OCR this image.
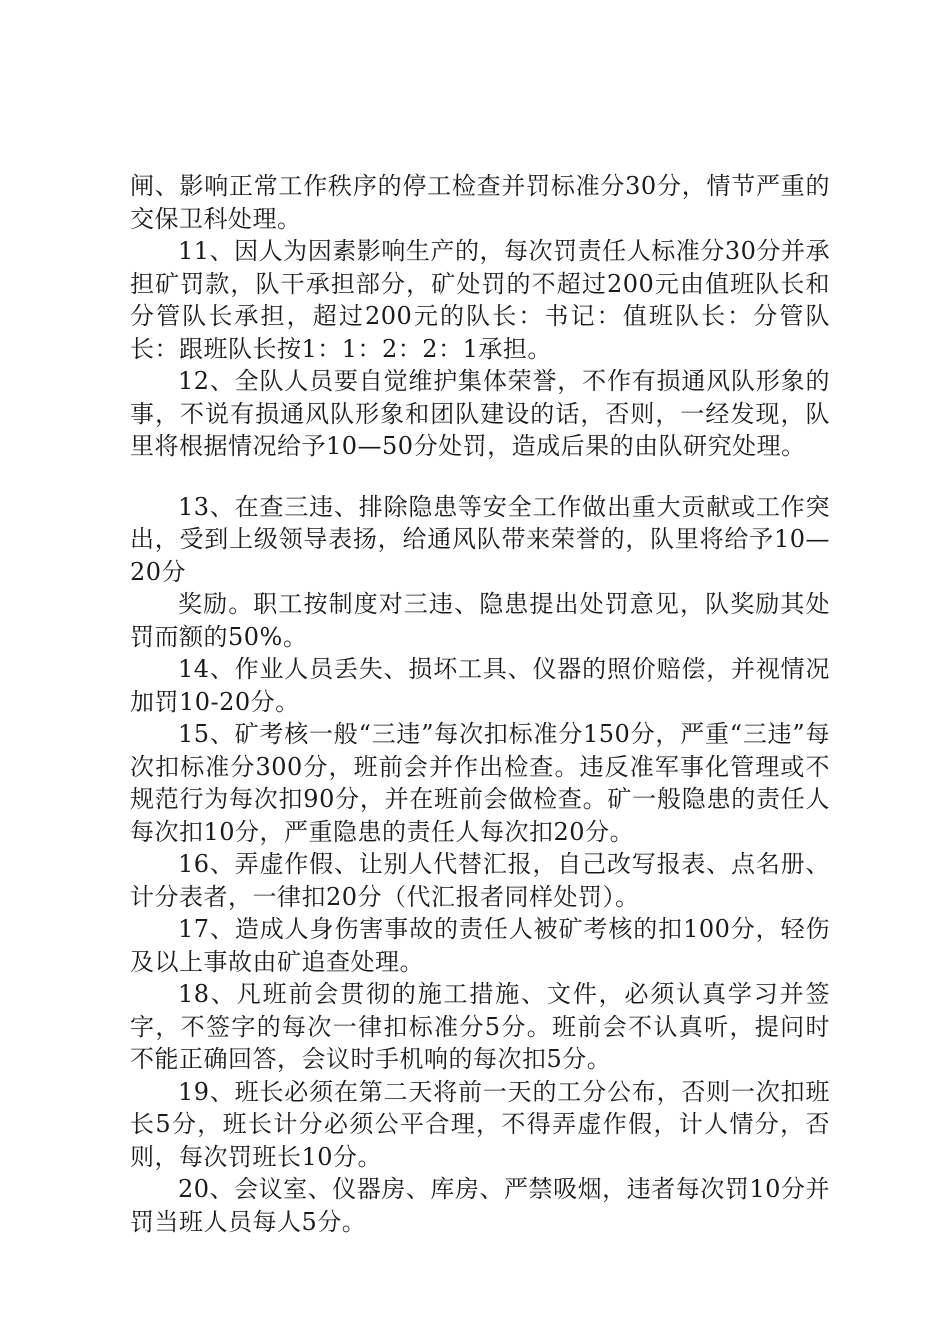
闸、影响正常工作秩序的停工检查并罚标准分30分，情节严重的交保卫科处理。

11、因人为因素影响生产的，每次罚责任人标准分30分并承担矿罚款，队干承担部分，矿处罚的不超过200元由值班队长和分管队长承担，超过200元的队长：书记：值班队长：分管队长：跟班队长按1：1：2：2：1承担。

12、全队人员要自觉维护集体荣誉，不作有损通风队形象的事，不说有损通风队形象和团队建设的话，否则，一经发现，队里将根据情况给予10—50分处罚，造成后果的由队研究处理。

13、在查三违、排除隐患等安全工作做出重大贡献或工作突出，受到上级领导表扬，给通风队带来荣誉的，队里将给予10—20分

奖励。职工按制度对三违、隐患提出处罚意见，队奖励其处罚而额的50%。

14、作业人员丢失、损坏工具、仪器的照价赔偿，并视情况加罚10-20分。

15、矿考核一般“三违”每次扣标准分150分，严重“三违”每次扣标准分300分，班前会并作出检查。违反准军事化管理或不规范行为每次扣90分，并在班前会做检查。矿一般隐患的责任人每次扣10分，严重隐患的责任人每次扣20分。

16、弄虚作假、让别人代替汇报，自己改写报表、点名册、计分表者，一律扣20分（代汇报者同样处罚）。

17、造成人身伤害事故的责任人被矿考核的扣100分，轻伤及以上事故由矿追查处理。

18、凡班前会贯彻的施工措施、文件，必须认真学习并签字，不签字的每次一律扣标准分5分。班前会不认真听，提问时不能正确回答，会议时手机响的每次扣5分。

19、班长必须在第二天将前一天的工分公布，否则一次扣班长5分，班长计分必须公平合理，不得弄虚作假，计人情分，否则，每次罚班长10分。

20、会议室、仪器房、库房、严禁吸烟，违者每次罚10分并罚当班人员每人5分。
